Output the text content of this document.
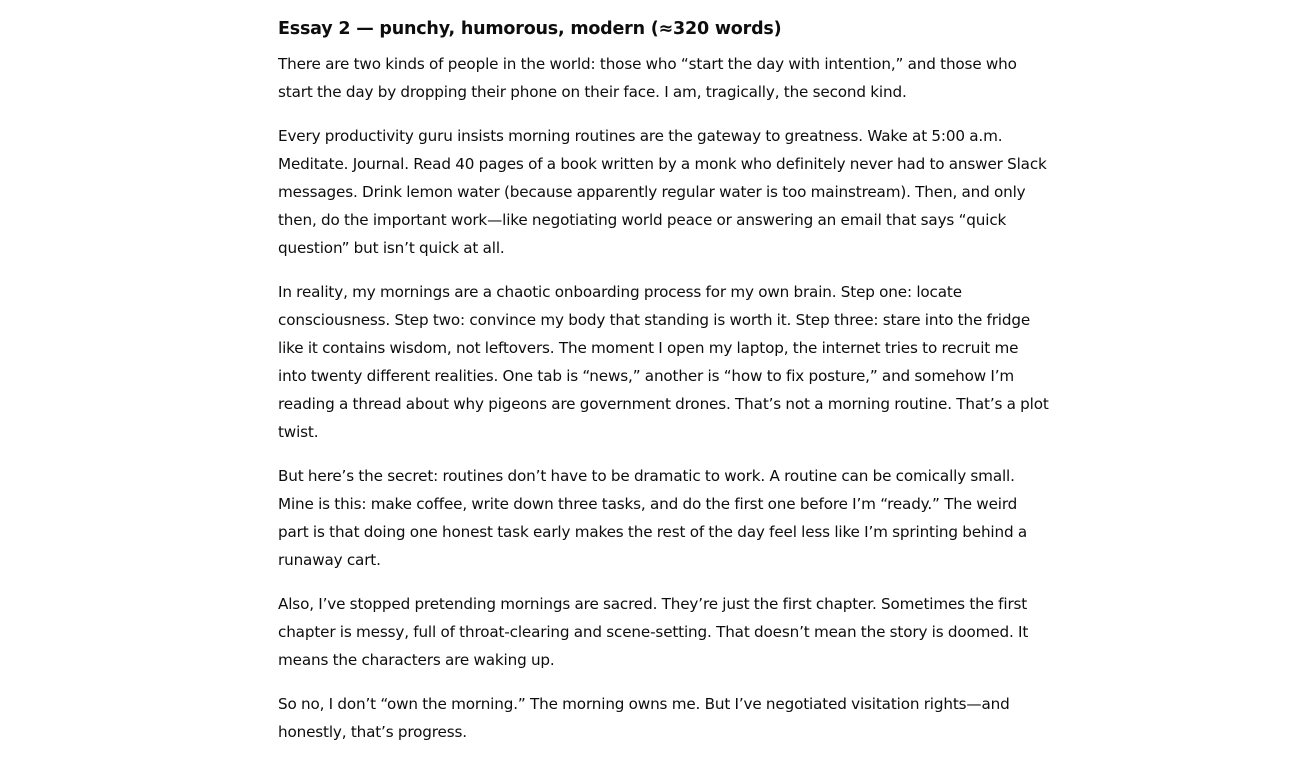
Essay 2 — punchy, humorous, modern (≈320 words)

There are two kinds of people in the world: those who “start the day with intention,” and those who start the day by dropping their phone on their face. I am, tragically, the second kind.

Every productivity guru insists morning routines are the gateway to greatness. Wake at 5:00 a.m. Meditate. Journal. Read 40 pages of a book written by a monk who definitely never had to answer Slack messages. Drink lemon water (because apparently regular water is too mainstream). Then, and only then, do the important work—like negotiating world peace or answering an email that says “quick question” but isn’t quick at all.

In reality, my mornings are a chaotic onboarding process for my own brain. Step one: locate consciousness. Step two: convince my body that standing is worth it. Step three: stare into the fridge like it contains wisdom, not leftovers. The moment I open my laptop, the internet tries to recruit me into twenty different realities. One tab is “news,” another is “how to fix posture,” and somehow I’m reading a thread about why pigeons are government drones. That’s not a morning routine. That’s a plot twist.

But here’s the secret: routines don’t have to be dramatic to work. A routine can be comically small. Mine is this: make coffee, write down three tasks, and do the first one before I’m “ready.” The weird part is that doing one honest task early makes the rest of the day feel less like I’m sprinting behind a runaway cart.

Also, I’ve stopped pretending mornings are sacred. They’re just the first chapter. Sometimes the first chapter is messy, full of throat-clearing and scene-setting. That doesn’t mean the story is doomed. It means the characters are waking up.

So no, I don’t “own the morning.” The morning owns me. But I’ve negotiated visitation rights—and honestly, that’s progress.
